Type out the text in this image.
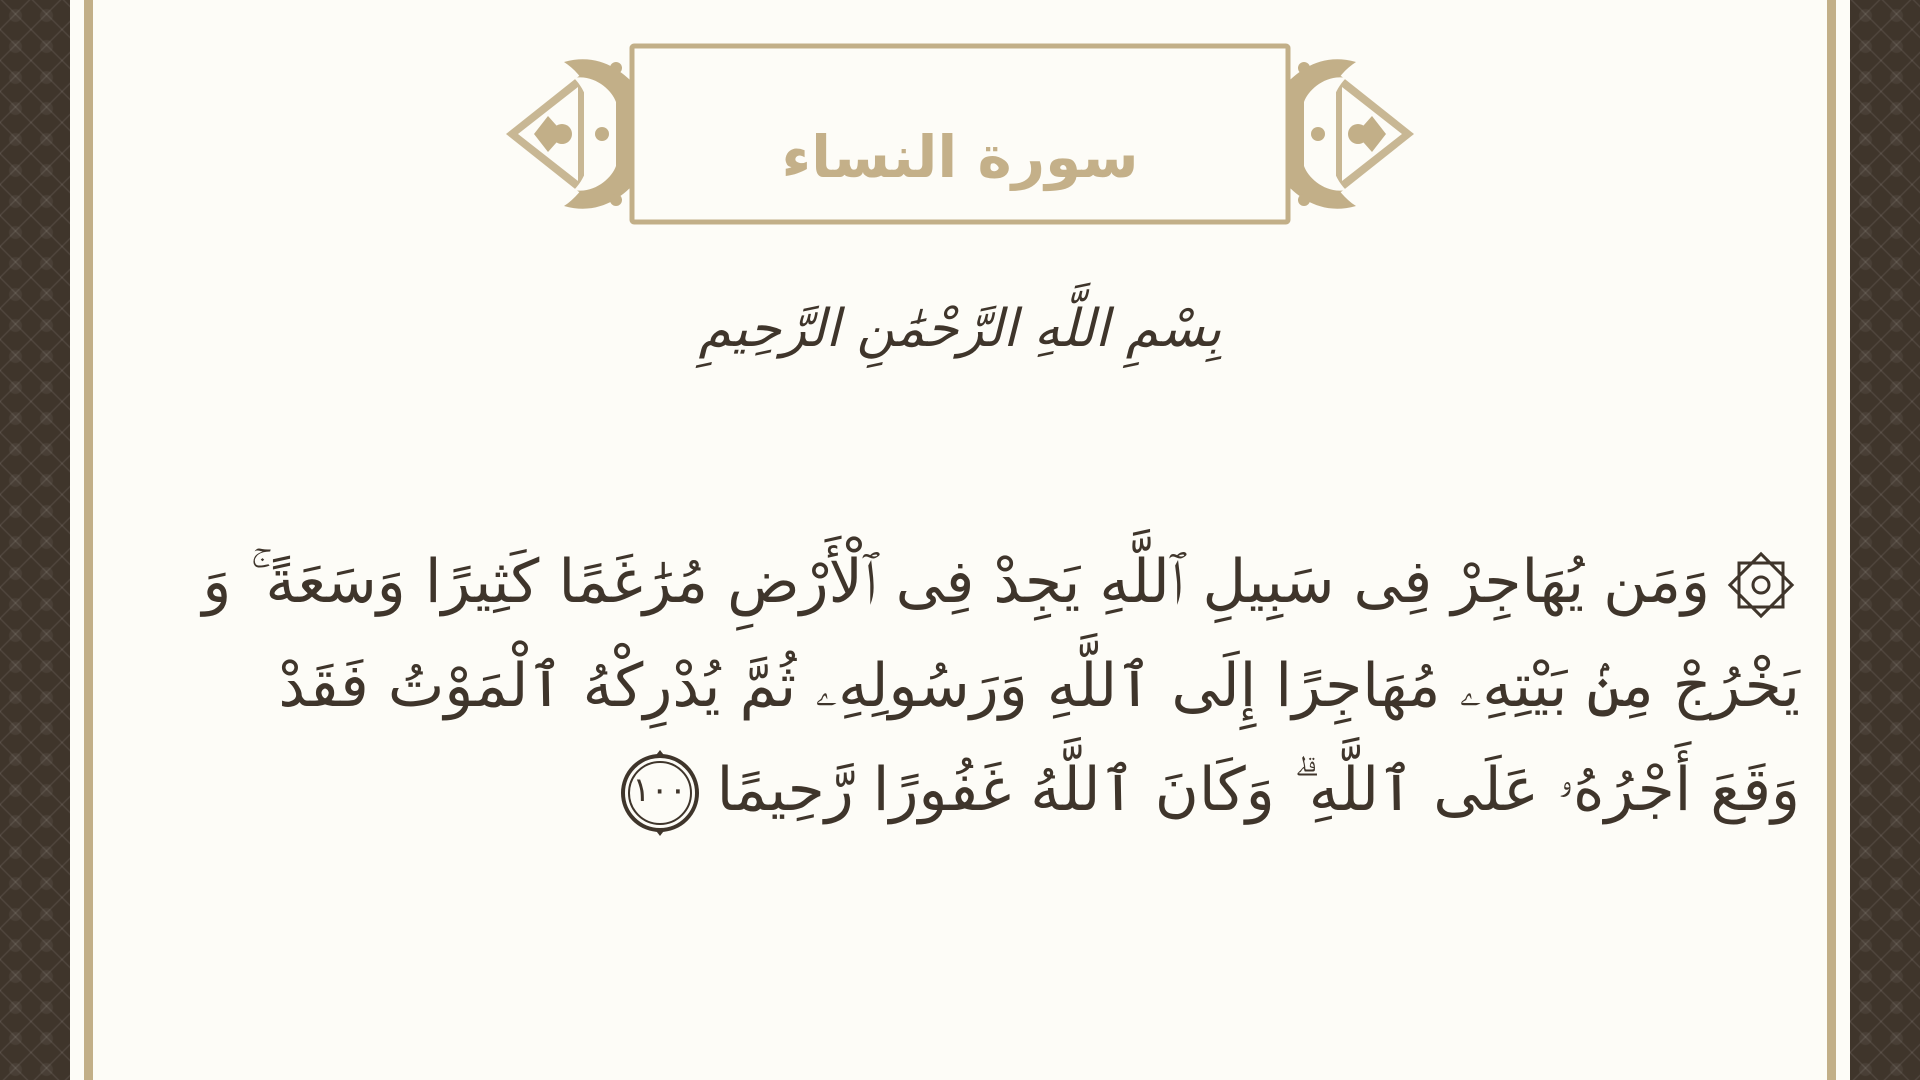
سورة النساء
بِسْمِ اللَّهِ الرَّحْمَٰنِ الرَّحِيمِ
وَمَن يُهَاجِرْ فِى سَبِيلِ ٱللَّهِ يَجِدْ فِى ٱلْأَرْضِ مُرَٰغَمًا كَثِيرًا وَسَعَةً ۚ وَ
يَخْرُجْ مِنۢ بَيْتِهِۦ مُهَاجِرًا إِلَى ٱللَّهِ وَرَسُولِهِۦ ثُمَّ يُدْرِكْهُ ٱلْمَوْتُ فَقَدْ
وَقَعَ أَجْرُهُۥ عَلَى ٱللَّهِ ۗ وَكَانَ ٱللَّهُ غَفُورًا رَّحِيمًا
١٠٠
